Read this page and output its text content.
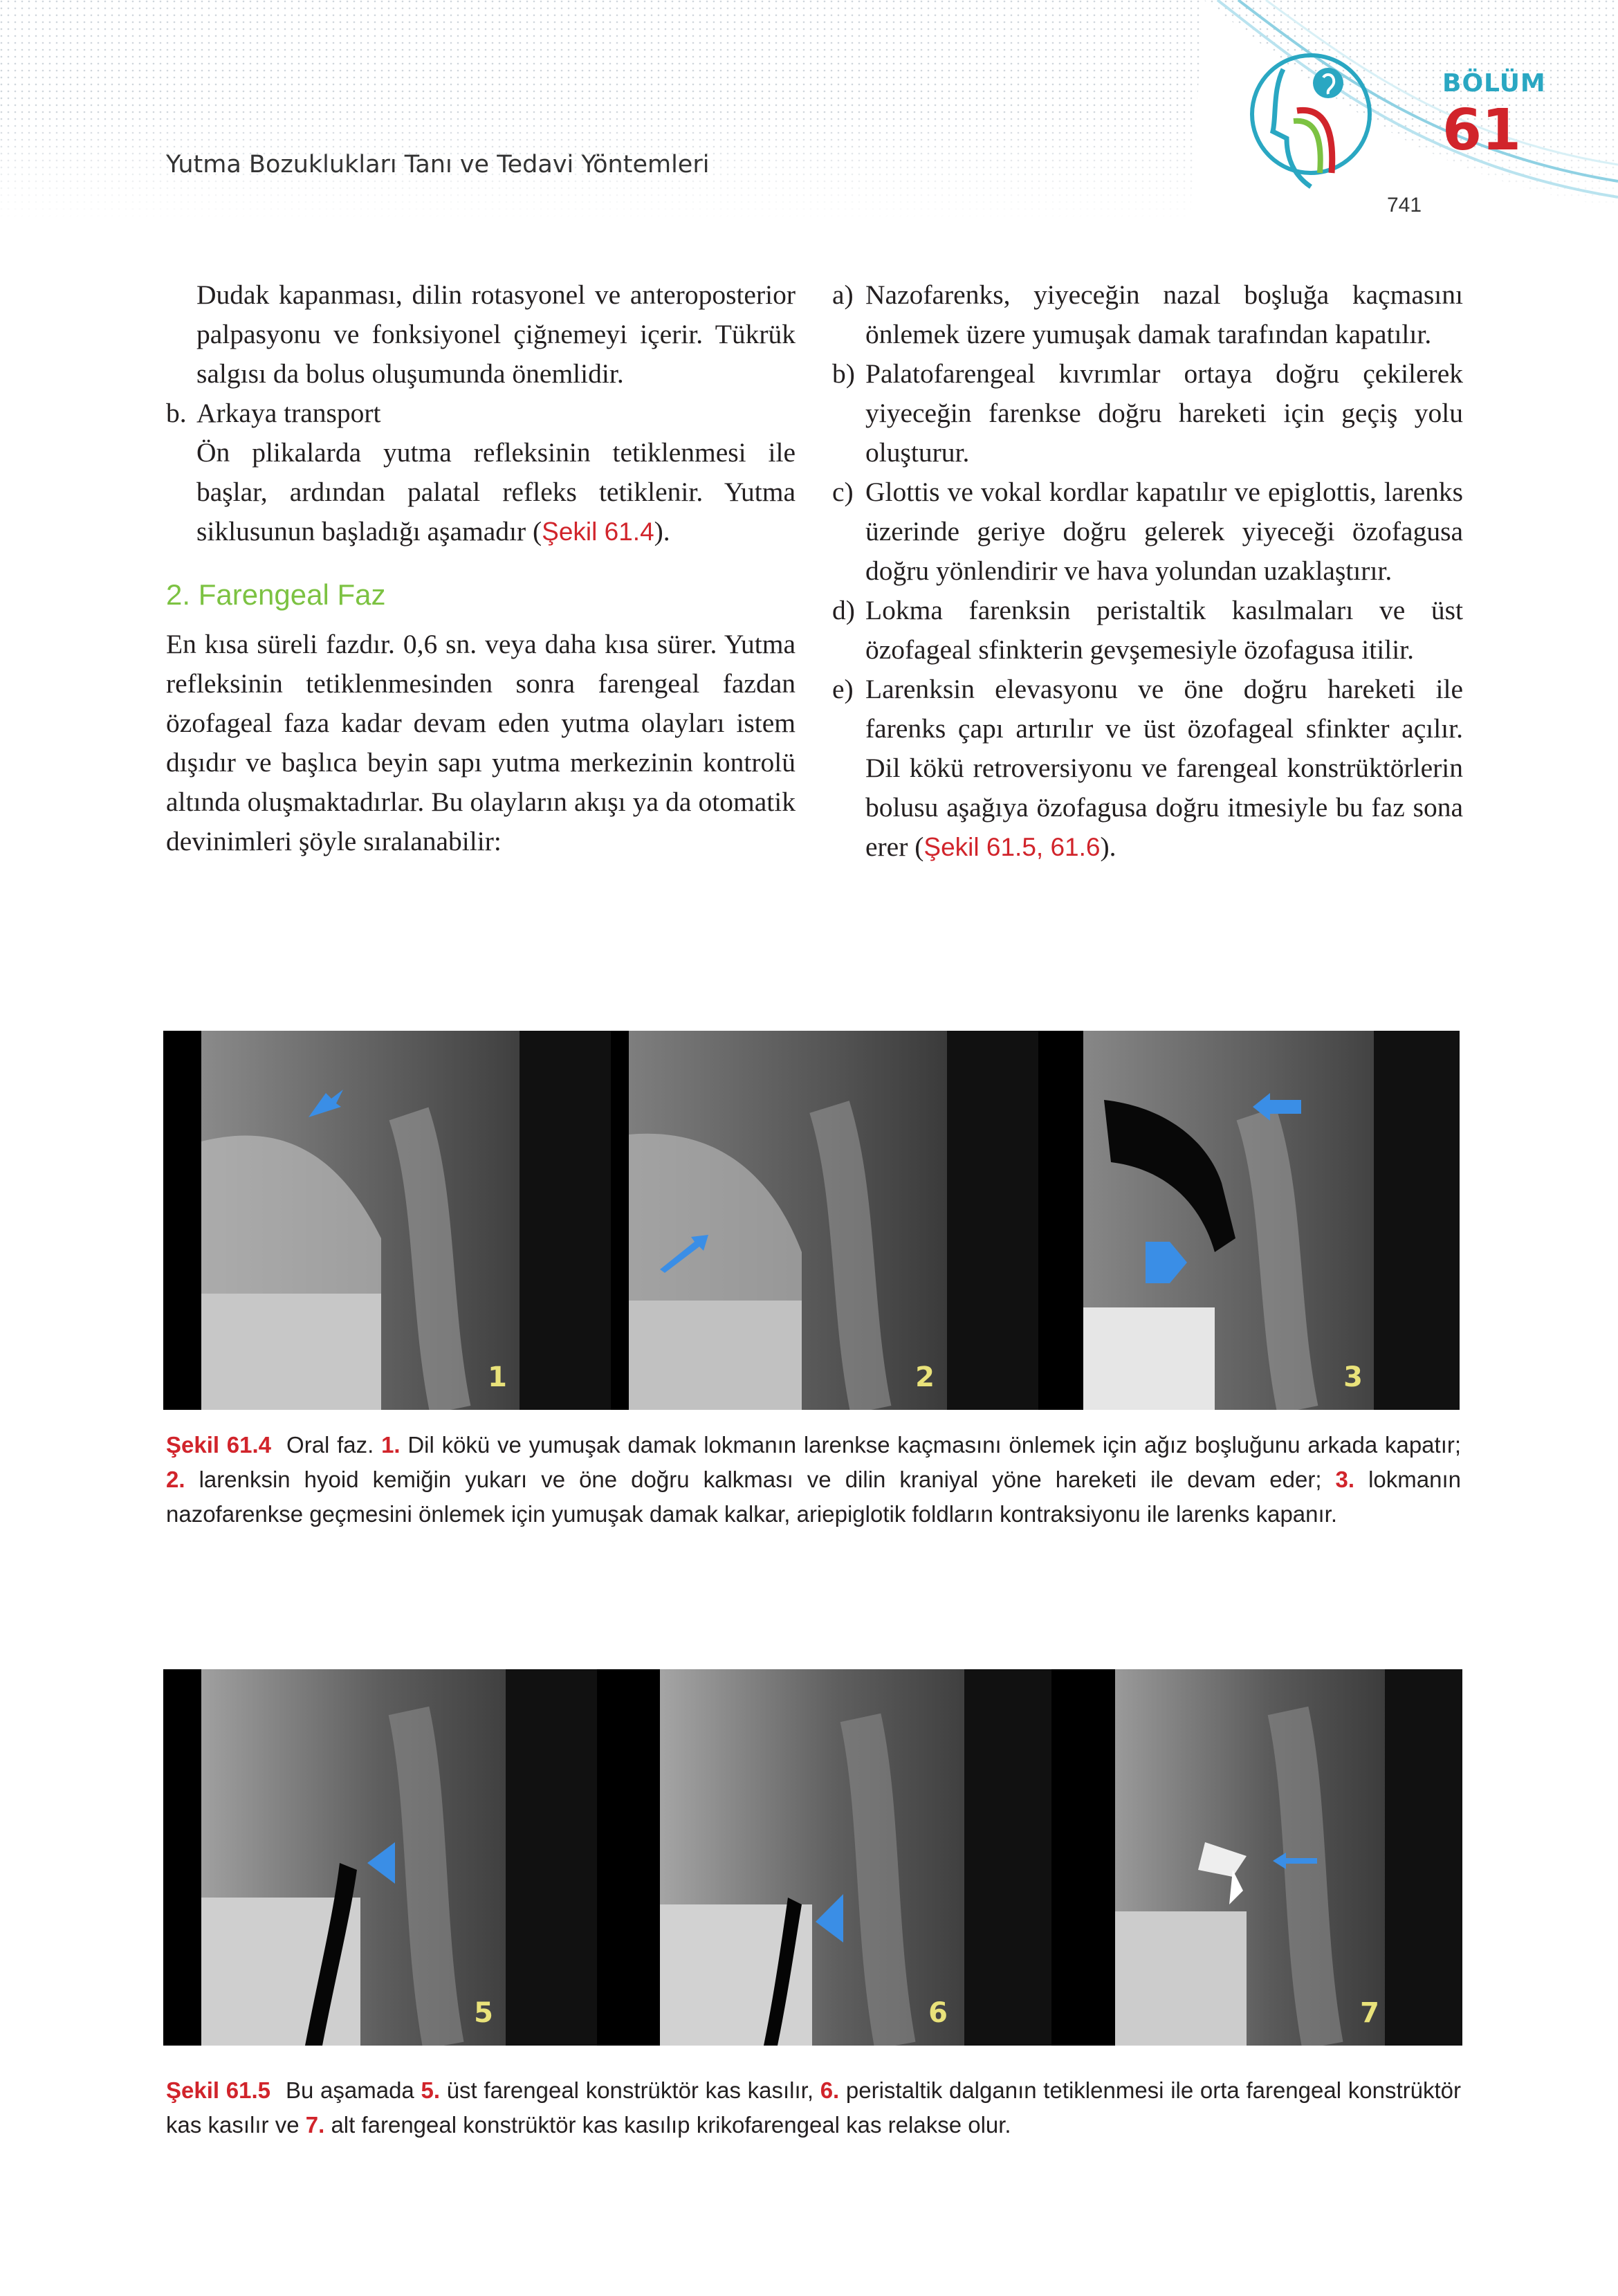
Yutma Bozuklukları Tanı ve Tedavi Yöntemleri
BÖLÜM
61
741

Dudak kapanması, dilin rotasyonel ve anteroposterior palpasyonu ve fonksiyonel çiğnemeyi içerir. Tükrük salgısı da bolus oluşumunda önemlidir.

b. Arkaya transport

Ön plikalarda yutma refleksinin tetiklenmesi ile başlar, ardından palatal refleks tetiklenir. Yutma siklusunun başladığı aşamadır (Şekil 61.4).

2. Farengeal Faz

En kısa süreli fazdır. 0,6 sn. veya daha kısa sürer. Yutma refleksinin tetiklenmesinden sonra farengeal fazdan özofageal faza kadar devam eden yutma olayları istem dışıdır ve başlıca beyin sapı yutma merkezinin kontrolü altında oluşmaktadırlar. Bu olayların akışı ya da otomatik devinimleri şöyle sıralanabilir:

a) Nazofarenks, yiyeceğin nazal boşluğa kaçmasını önlemek üzere yumuşak damak tarafından kapatılır.
b) Palatofarengeal kıvrımlar ortaya doğru çekilerek yiyeceğin farenkse doğru hareketi için geçiş yolu oluşturur.
c) Glottis ve vokal kordlar kapatılır ve epiglottis, larenks üzerinde geriye doğru gelerek yiyeceği özofagusa doğru yönlendirir ve hava yolundan uzaklaştırır.
d) Lokma farenksin peristaltik kasılmaları ve üst özofageal sfinkterin gevşemesiyle özofagusa itilir.
e) Larenksin elevasyonu ve öne doğru hareketi ile farenks çapı artırılır ve üst özofageal sfinkter açılır. Dil kökü retroversiyonu ve farengeal konstrüktörlerin bolusu aşağıya özofagusa doğru itmesiyle bu faz sona erer (Şekil 61.5, 61.6).
1	2	3
Şekil 61.4 Oral faz. 1. Dil kökü ve yumuşak damak lokmanın larenkse kaçmasını önlemek için ağız boşluğunu arkada kapatır; 2. larenksin hyoid kemiğin yukarı ve öne doğru kalkması ve dilin kraniyal yöne hareketi ile devam eder; 3. lokmanın nazofarenkse geçmesini önlemek için yumuşak damak kalkar, ariepiglotik foldların kontraksiyonu ile larenks kapanır.
5	6	7
Şekil 61.5 Bu aşamada 5. üst farengeal konstrüktör kas kasılır, 6. peristaltik dalganın tetiklenmesi ile orta farengeal konstrüktör kas kasılır ve 7. alt farengeal konstrüktör kas kasılıp krikofarengeal kas relakse olur.
